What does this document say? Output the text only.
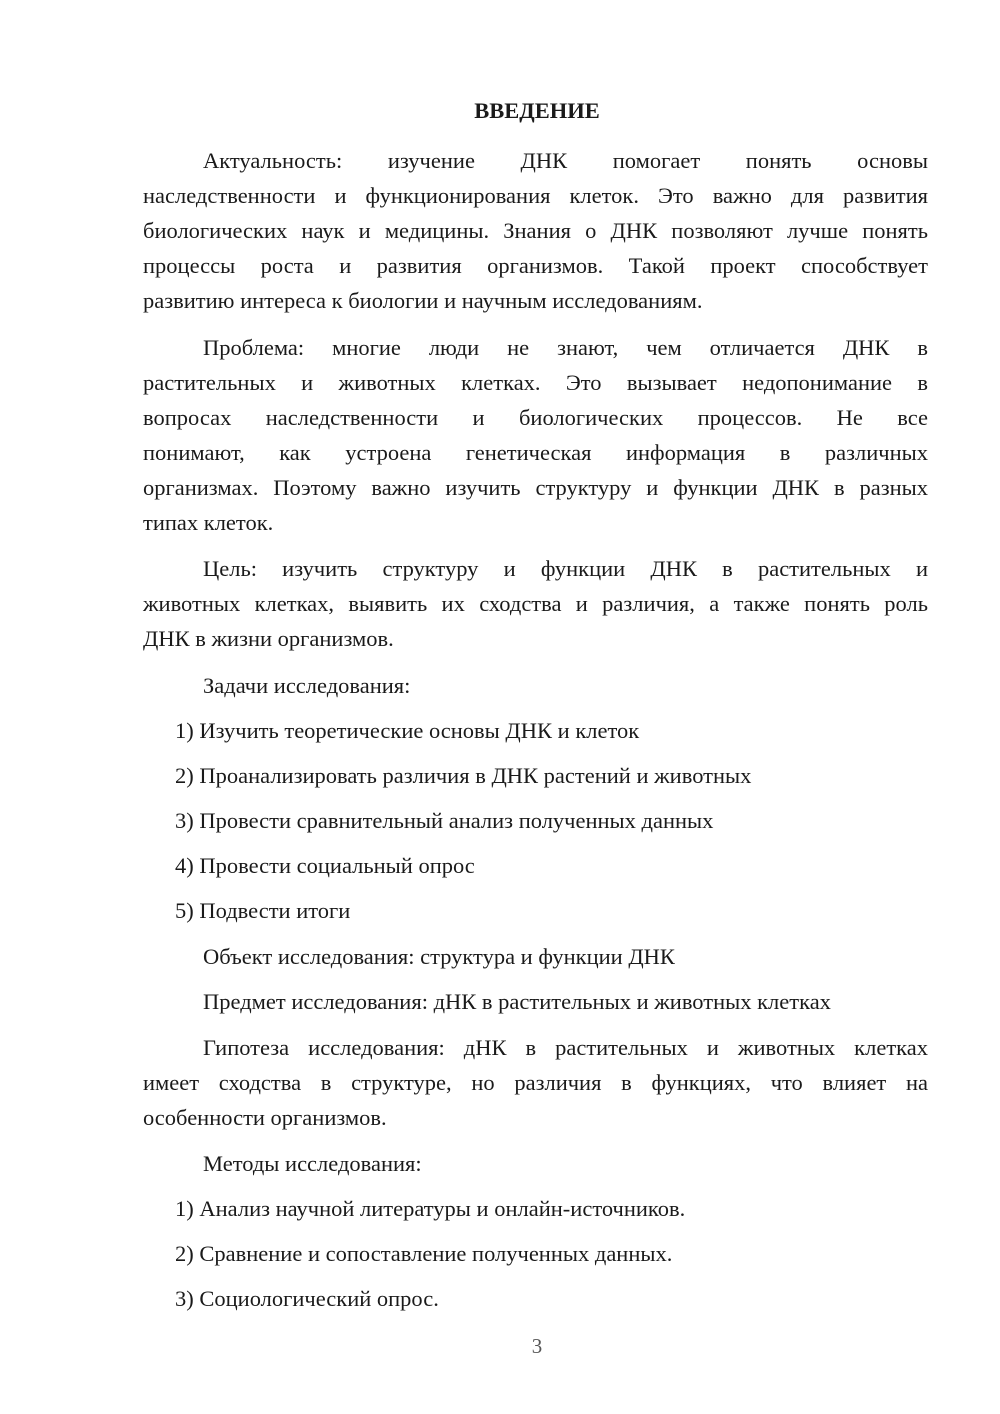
ВВЕДЕНИЕ
Актуальность: изучение ДНК помогает понять основы
наследственности и функционирования клеток. Это важно для развития
биологических наук и медицины. Знания о ДНК позволяют лучше понять
процессы роста и развития организмов. Такой проект способствует
развитию интереса к биологии и научным исследованиям.
Проблема: многие люди не знают, чем отличается ДНК в
растительных и животных клетках. Это вызывает недопонимание в
вопросах наследственности и биологических процессов. Не все
понимают, как устроена генетическая информация в различных
организмах. Поэтому важно изучить структуру и функции ДНК в разных
типах клеток.
Цель: изучить структуру и функции ДНК в растительных и
животных клетках, выявить их сходства и различия, а также понять роль
ДНК в жизни организмов.
Задачи исследования:
1) Изучить теоретические основы ДНК и клеток
2) Проанализировать различия в ДНК растений и животных
3) Провести сравнительный анализ полученных данных
4) Провести социальный опрос
5) Подвести итоги
Объект исследования: структура и функции ДНК
Предмет исследования: дНК в растительных и животных клетках
Гипотеза исследования: дНК в растительных и животных клетках
имеет сходства в структуре, но различия в функциях, что влияет на
особенности организмов.
Методы исследования:
1) Анализ научной литературы и онлайн-источников.
2) Сравнение и сопоставление полученных данных.
3) Социологический опрос.
3
